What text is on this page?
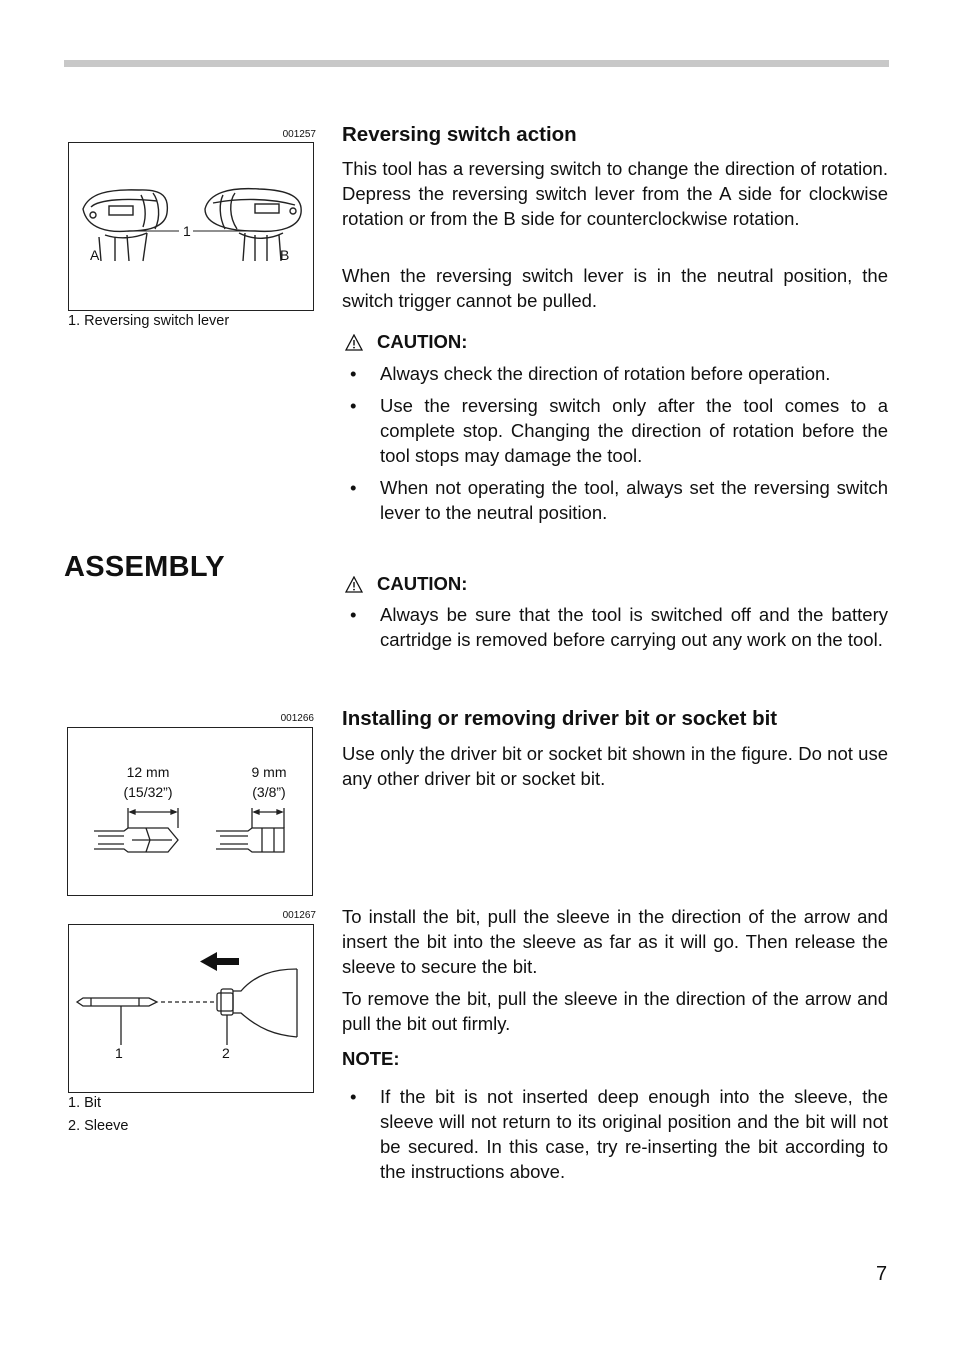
001257
1
A	B
1. Reversing switch lever
Reversing switch action

This tool has a reversing switch to change the direction of rotation. Depress the reversing switch lever from the A side for clockwise rotation or from the B side for counterclockwise rotation.

When the reversing switch lever is in the neutral position, the switch trigger cannot be pulled.

CAUTION:
• Always check the direction of rotation before operation.
• Use the reversing switch only after the tool comes to a complete stop. Changing the direction of rotation before the tool stops may damage the tool.
• When not operating the tool, always set the reversing switch lever to the neutral position.
ASSEMBLY
CAUTION:
• Always be sure that the tool is switched off and the battery cartridge is removed before carrying out any work on the tool.
001266
12 mm
(15/32”)
9 mm
(3/8”)
Installing or removing driver bit or socket bit

Use only the driver bit or socket bit shown in the figure. Do not use any other driver bit or socket bit.

001267
1	2
1. Bit
2. Sleeve

To install the bit, pull the sleeve in the direction of the arrow and insert the bit into the sleeve as far as it will go. Then release the sleeve to secure the bit.

To remove the bit, pull the sleeve in the direction of the arrow and pull the bit out firmly.

NOTE:
• If the bit is not inserted deep enough into the sleeve, the sleeve will not return to its original position and the bit will not be secured. In this case, try re-inserting the bit according to the instructions above.
7
